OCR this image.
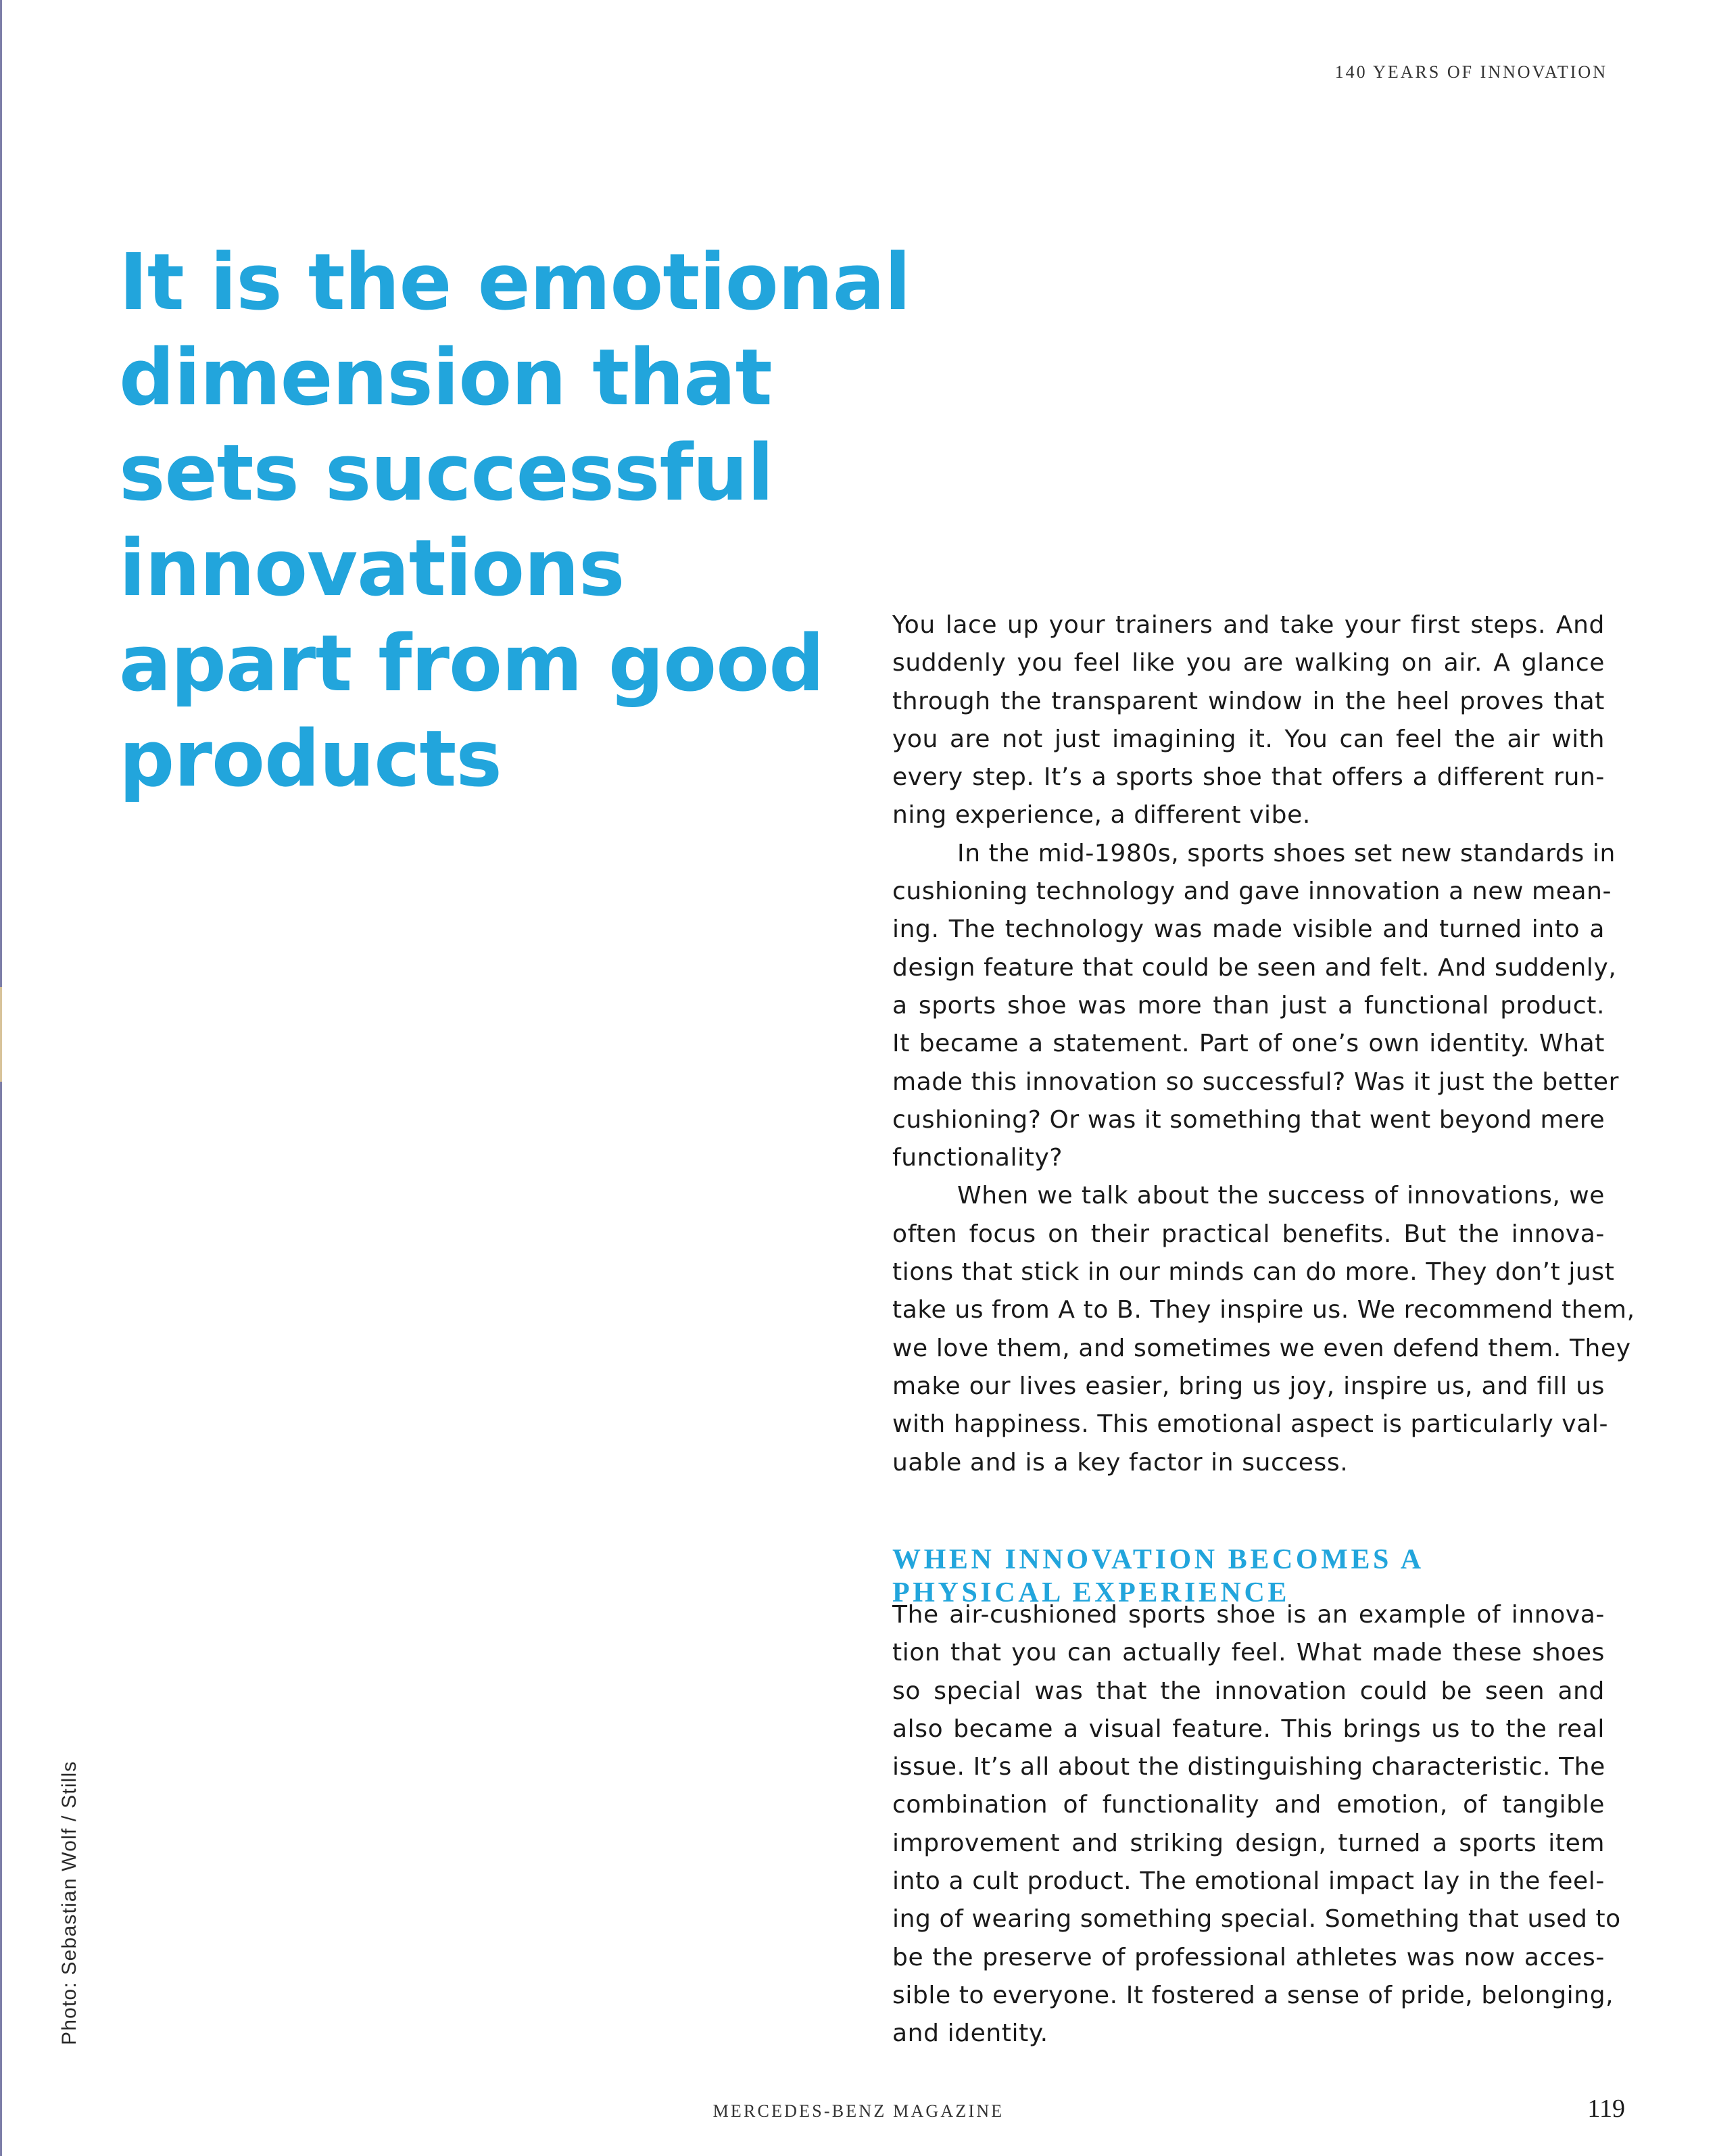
140 YEARS OF INNOVATION
It is the emotional
dimension that
sets successful
innovations
apart from good
products
You lace up your trainers and take your first steps. And
suddenly you feel like you are walking on air. A glance
through the transparent window in the heel proves that
you are not just imagining it. You can feel the air with
every step. It’s a sports shoe that offers a different run-
ning experience, a different vibe.
In the mid-1980s, sports shoes set new standards in
cushioning technology and gave innovation a new mean-
ing. The technology was made visible and turned into a
design feature that could be seen and felt. And suddenly,
a sports shoe was more than just a functional product.
It became a statement. Part of one’s own identity. What
made this innovation so successful? Was it just the better
cushioning? Or was it something that went beyond mere
functionality?
When we talk about the success of innovations, we
often focus on their practical benefits. But the innova-
tions that stick in our minds can do more. They don’t just
take us from A to B. They inspire us. We recommend them,
we love them, and sometimes we even defend them. They
make our lives easier, bring us joy, inspire us, and fill us
with happiness. This emotional aspect is particularly val-
uable and is a key factor in success.
WHEN INNOVATION BECOMES A
PHYSICAL EXPERIENCE
The air-cushioned sports shoe is an example of innova-
tion that you can actually feel. What made these shoes
so special was that the innovation could be seen and
also became a visual feature. This brings us to the real
issue. It’s all about the distinguishing characteristic. The
combination of functionality and emotion, of tangible
improvement and striking design, turned a sports item
into a cult product. The emotional impact lay in the feel-
ing of wearing something special. Something that used to
be the preserve of professional athletes was now acces-
sible to everyone. It fostered a sense of pride, belonging,
and identity.
Photo: Sebastian Wolf / Stills
MERCEDES-BENZ MAGAZINE	119
